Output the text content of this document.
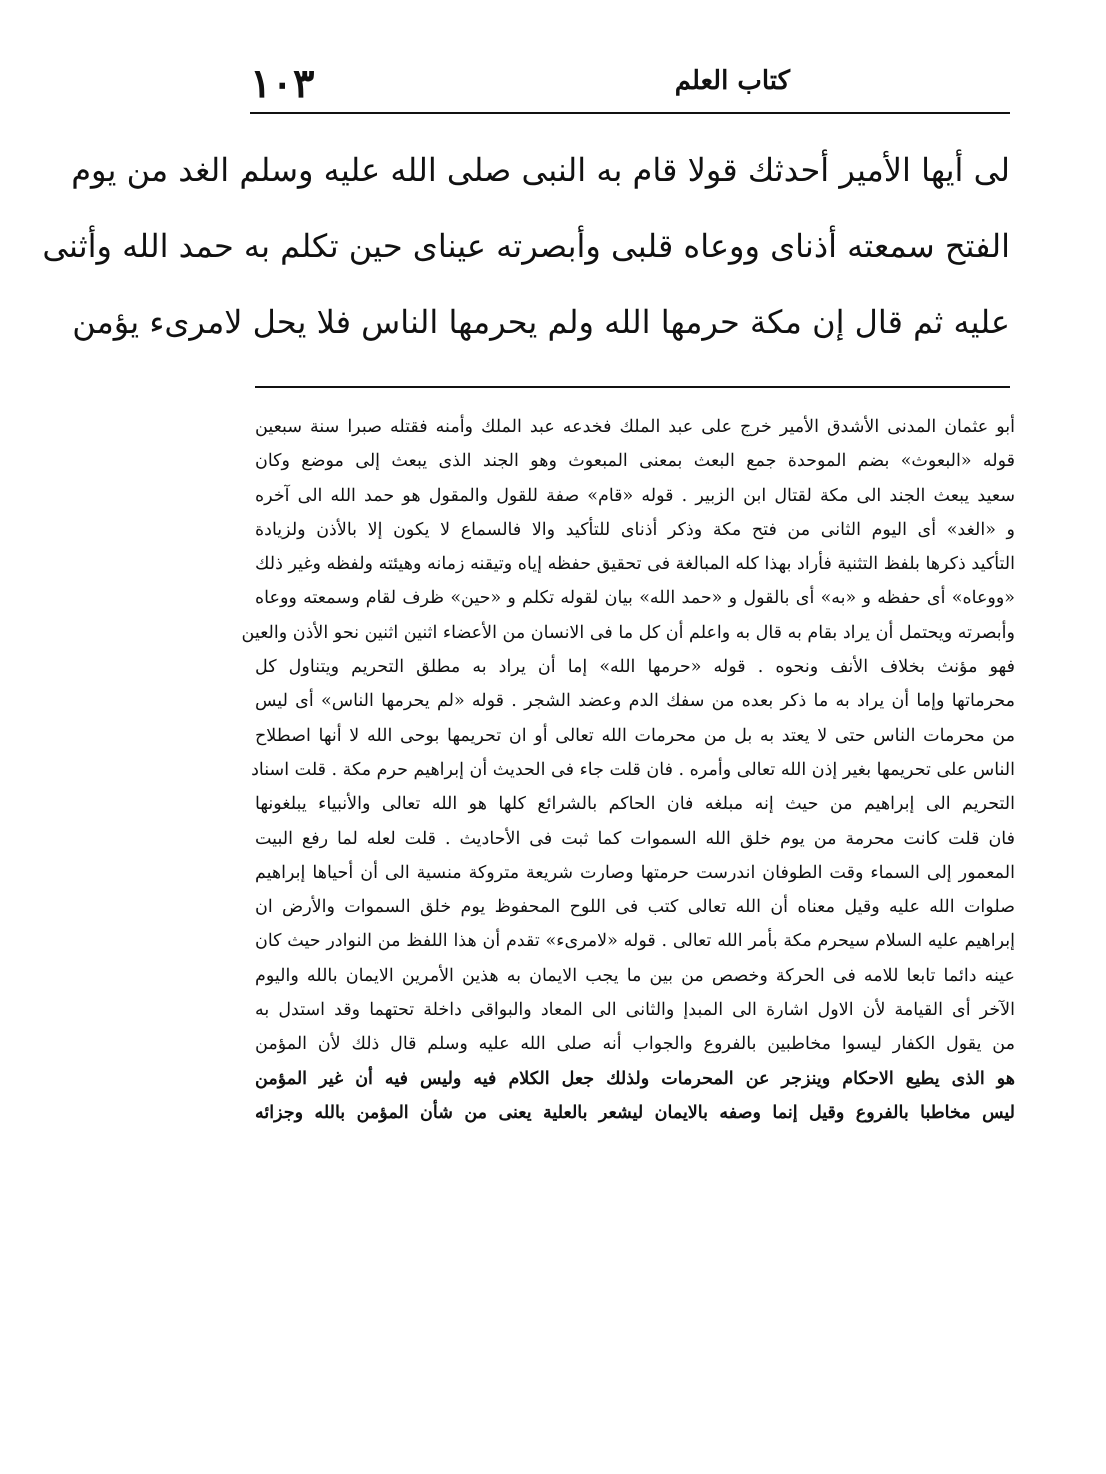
كتاب العلم
١٠٣
لى أيها الأمير أحدثك قولا قام به النبى صلى الله عليه وسلم الغد من يوم
الفتح سمعته أذناى ووعاه قلبى وأبصرته عيناى حين تكلم به حمد الله وأثنى
عليه ثم قال إن مكة حرمها الله ولم يحرمها الناس فلا يحل لامرىء يؤمن
أبو عثمان المدنى الأشدق الأمير خرج على عبد الملك فخدعه عبد الملك وأمنه فقتله صبرا سنة سبعين
قوله «البعوث» بضم الموحدة جمع البعث بمعنى المبعوث وهو الجند الذى يبعث إلى موضع وكان
سعيد يبعث الجند الى مكة لقتال ابن الزبير . قوله «قام» صفة للقول والمقول هو حمد الله الى آخره
و «الغد» أى اليوم الثانى من فتح مكة وذكر أذناى للتأكيد والا فالسماع لا يكون إلا بالأذن ولزيادة
التأكيد ذكرها بلفظ التثنية فأراد بهذا كله المبالغة فى تحقيق حفظه إياه وتيقنه زمانه وهيئته ولفظه وغير ذلك
«ووعاه» أى حفظه و «به» أى بالقول و «حمد الله» بيان لقوله تكلم و «حين» ظرف لقام وسمعته ووعاه
وأبصرته ويحتمل أن يراد بقام به قال به واعلم أن كل ما فى الانسان من الأعضاء اثنين اثنين نحو الأذن والعين
فهو مؤنث بخلاف الأنف ونحوه . قوله «حرمها الله» إما أن يراد به مطلق التحريم ويتناول كل
محرماتها وإما أن يراد به ما ذكر بعده من سفك الدم وعضد الشجر . قوله «لم يحرمها الناس» أى ليس
من محرمات الناس حتى لا يعتد به بل من محرمات الله تعالى أو ان تحريمها بوحى الله لا أنها اصطلاح
الناس على تحريمها بغير إذن الله تعالى وأمره . فان قلت جاء فى الحديث أن إبراهيم حرم مكة . قلت اسناد
التحريم الى إبراهيم من حيث إنه مبلغه فان الحاكم بالشرائع كلها هو الله تعالى والأنبياء يبلغونها
فان قلت كانت محرمة من يوم خلق الله السموات كما ثبت فى الأحاديث . قلت لعله لما رفع البيت
المعمور إلى السماء وقت الطوفان اندرست حرمتها وصارت شريعة متروكة منسية الى أن أحياها إبراهيم
صلوات الله عليه وقيل معناه أن الله تعالى كتب فى اللوح المحفوظ يوم خلق السموات والأرض ان
إبراهيم عليه السلام سيحرم مكة بأمر الله تعالى . قوله «لامرىء» تقدم أن هذا اللفظ من النوادر حيث كان
عينه دائما تابعا للامه فى الحركة وخصص من بين ما يجب الايمان به هذين الأمرين الايمان بالله واليوم
الآخر أى القيامة لأن الاول اشارة الى المبدإ والثانى الى المعاد والبواقى داخلة تحتهما وقد استدل به
من يقول الكفار ليسوا مخاطبين بالفروع والجواب أنه صلى الله عليه وسلم قال ذلك لأن المؤمن
هو الذى يطيع الاحكام وينزجر عن المحرمات ولذلك جعل الكلام فيه وليس فيه أن غير المؤمن
ليس مخاطبا بالفروع وقيل إنما وصفه بالايمان ليشعر بالعلية يعنى من شأن المؤمن بالله وجزائه
